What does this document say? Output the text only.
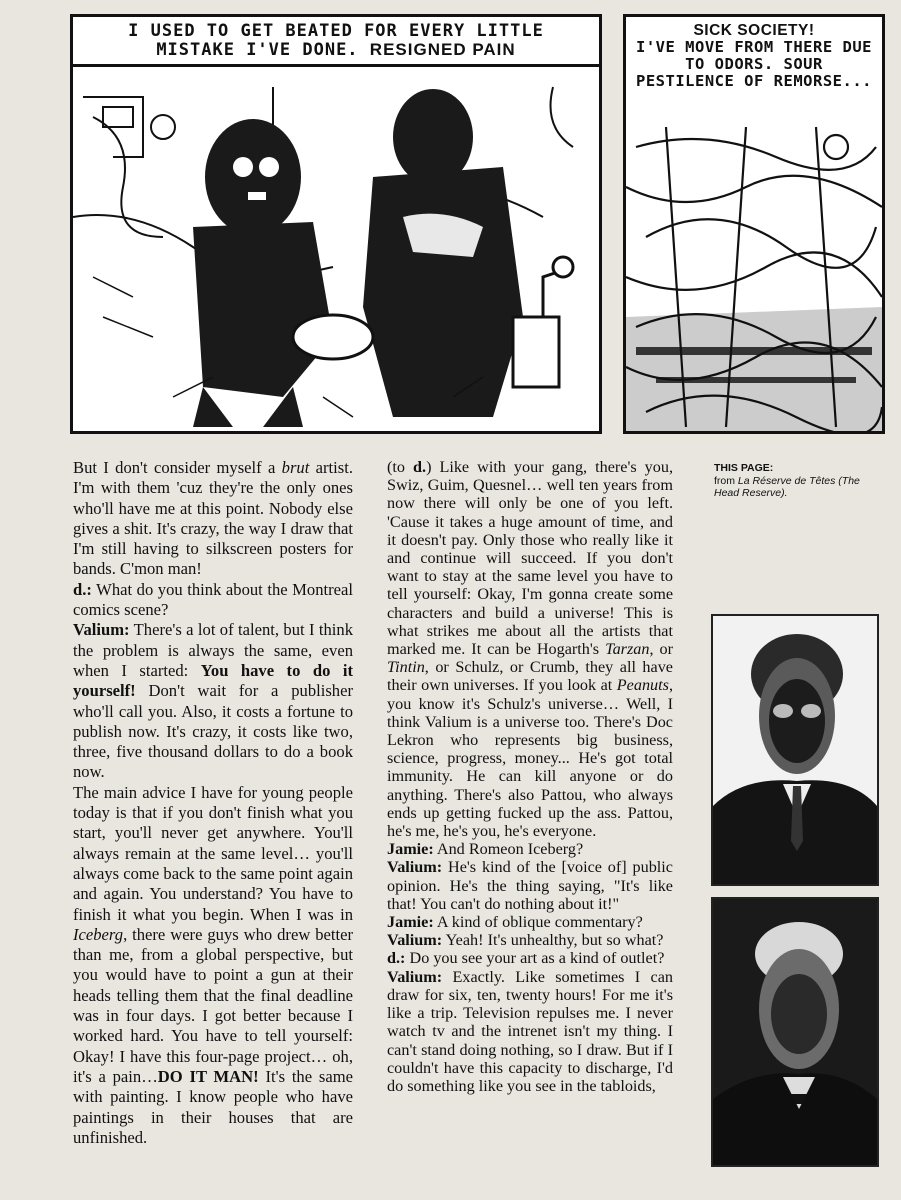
I USED TO GET BEATED FOR EVERY LITTLE MISTAKE I'VE DONE. RESIGNED PAIN
SICK SOCIETY!
I'VE MOVE FROM THERE DUE TO ODORS. SOUR PESTILENCE OF REMORSE...

But I don't consider myself a brut artist. I'm with them 'cuz they're the only ones who'll have me at this point. Nobody else gives a shit. It's crazy, the way I draw that I'm still having to silkscreen posters for bands. C'mon man!

d.: What do you think about the Montreal comics scene?

Valium: There's a lot of talent, but I think the problem is always the same, even when I started: You have to do it yourself! Don't wait for a publisher who'll call you. Also, it costs a fortune to publish now. It's crazy, it costs like two, three, five thousand dollars to do a book now.

The main advice I have for young people today is that if you don't finish what you start, you'll never get anywhere. You'll always remain at the same level… you'll always come back to the same point again and again. You understand? You have to finish it what you begin. When I was in Iceberg, there were guys who drew better than me, from a global perspective, but you would have to point a gun at their heads telling them that the final deadline was in four days. I got better because I worked hard. You have to tell yourself: Okay! I have this four-page project… oh, it's a pain…DO IT MAN! It's the same with painting. I know people who have paintings in their houses that are unfinished.

(to d.) Like with your gang, there's you, Swiz, Guim, Quesnel… well ten years from now there will only be one of you left. 'Cause it takes a huge amount of time, and it doesn't pay. Only those who really like it and continue will succeed. If you don't want to stay at the same level you have to tell yourself: Okay, I'm gonna create some characters and build a universe! This is what strikes me about all the artists that marked me. It can be Hogarth's Tarzan, or Tintin, or Schulz, or Crumb, they all have their own universes. If you look at Peanuts, you know it's Schulz's universe… Well, I think Valium is a universe too. There's Doc Lekron who represents big business, science, progress, money... He's got total immunity. He can kill anyone or do anything. There's also Pattou, who always ends up getting fucked up the ass. Pattou, he's me, he's you, he's everyone.

Jamie: And Romeon Iceberg?

Valium: He's kind of the [voice of] public opinion. He's the thing saying, "It's like that! You can't do nothing about it!"

Jamie: A kind of oblique commentary?

Valium: Yeah! It's unhealthy, but so what?

d.: Do you see your art as a kind of outlet?

Valium: Exactly. Like sometimes I can draw for six, ten, twenty hours! For me it's like a trip. Television repulses me. I never watch tv and the intrenet isn't my thing. I can't stand doing nothing, so I draw. But if I couldn't have this capacity to discharge, I'd do something like you see in the tabloids,

THIS PAGE:
from La Réserve de Têtes (The Head Reserve).
